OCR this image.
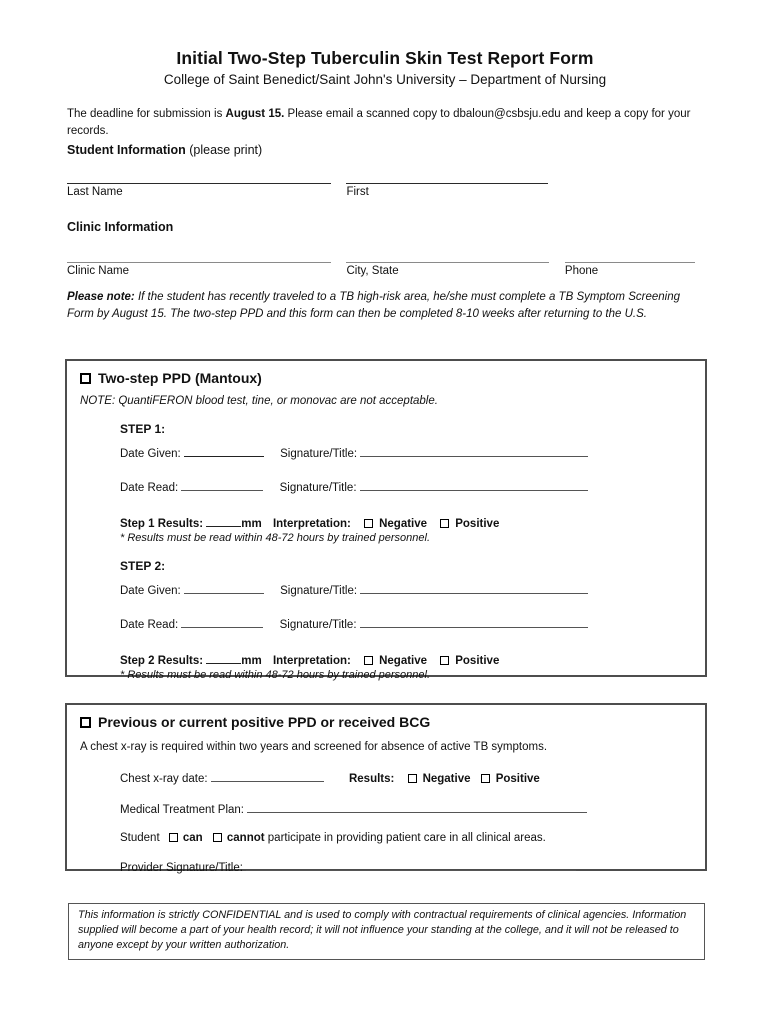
Initial Two-Step Tuberculin Skin Test Report Form
College of Saint Benedict/Saint John's University – Department of Nursing
The deadline for submission is August 15. Please email a scanned copy to dbaloun@csbsju.edu and keep a copy for your records.
Student Information (please print)
Last Name
	First
Clinic Information
Clinic Name
	City, State
	Phone
Please note: If the student has recently traveled to a TB high-risk area, he/she must complete a TB Symptom Screening Form by August 15. The two-step PPD and this form can then be completed 8-10 weeks after returning to the U.S.
Two-step PPD (Mantoux)
NOTE: QuantiFERON blood test, tine, or monovac are not acceptable.
STEP 1:
Date Given:	Signature/Title:
Date Read:	Signature/Title:
Step 1 Results:	mm Interpretation: Negative Positive
* Results must be read within 48-72 hours by trained personnel.
STEP 2:
Date Given:	Signature/Title:
Date Read:	Signature/Title:
Step 2 Results:	mm Interpretation: Negative Positive
* Results must be read within 48-72 hours by trained personnel.
Previous or current positive PPD or received BCG
A chest x-ray is required within two years and screened for absence of active TB symptoms.
Chest x-ray date:	Results: Negative Positive
Medical Treatment Plan:
Student can cannot participate in providing patient care in all clinical areas.
Provider Signature/Title:
This information is strictly CONFIDENTIAL and is used to comply with contractual requirements of clinical agencies. Information supplied will become a part of your health record; it will not influence your standing at the college, and it will not be released to anyone except by your written authorization.
